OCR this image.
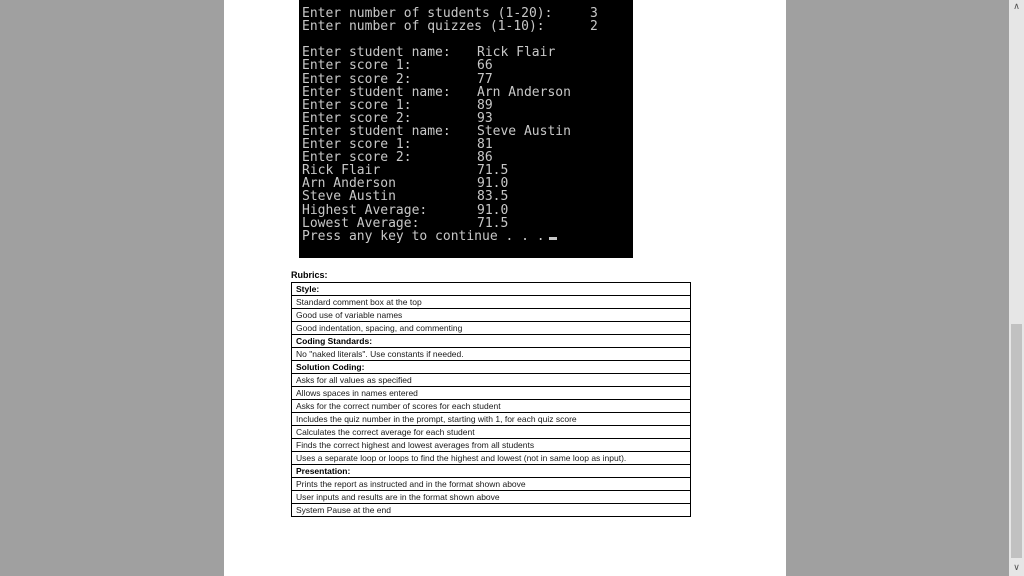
Enter number of students (1-20):	3
Enter number of quizzes (1-10):	2
Enter student name: Rick Flair
Enter score 1:	66
Enter score 2:	77
Enter student name: Arn Anderson
Enter score 1:	89
Enter score 2:	93
Enter student name: Steve Austin
Enter score 1:	81
Enter score 2:	86
Rick Flair	71.5
Arn Anderson	91.0
Steve Austin	83.5
Highest Average:	91.0
Lowest Average:	71.5
Press any key to continue . . .
Rubrics:
Style:
Standard comment box at the top
Good use of variable names
Good indentation, spacing, and commenting
Coding Standards:
No "naked literals". Use constants if needed.
Solution Coding:
Asks for all values as specified
Allows spaces in names entered
Asks for the correct number of scores for each student
Includes the quiz number in the prompt, starting with 1, for each quiz score
Calculates the correct average for each student
Finds the correct highest and lowest averages from all students
Uses a separate loop or loops to find the highest and lowest (not in same loop as input).
Presentation:
Prints the report as instructed and in the format shown above
User inputs and results are in the format shown above
System Pause at the end
∧
∨
